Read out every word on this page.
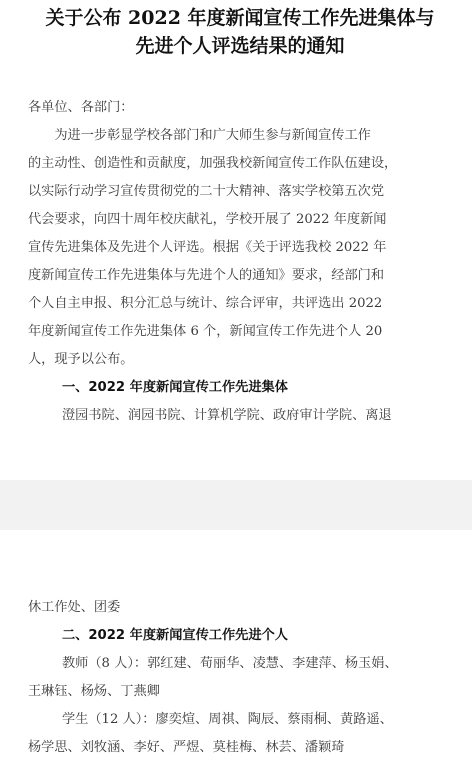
关于公布 2022 年度新闻宣传工作先进集体与
先进个人评选结果的通知
各单位、各部门：
　　为进一步彰显学校各部门和广大师生参与新闻宣传工作
的主动性、创造性和贡献度，加强我校新闻宣传工作队伍建设，
以实际行动学习宣传贯彻党的二十大精神、落实学校第五次党
代会要求，向四十周年校庆献礼，学校开展了 2022 年度新闻
宣传先进集体及先进个人评选。根据《关于评选我校 2022 年
度新闻宣传工作先进集体与先进个人的通知》要求，经部门和
个人自主申报、积分汇总与统计、综合评审，共评选出 2022
年度新闻宣传工作先进集体 6 个，新闻宣传工作先进个人 20
人，现予以公布。
一、2022 年度新闻宣传工作先进集体
澄园书院、润园书院、计算机学院、政府审计学院、离退
休工作处、团委
二、2022 年度新闻宣传工作先进个人
教师（8 人）：郭红建、荀丽华、凌慧、李建萍、杨玉娟、
王琳钰、杨炀、丁燕卿
学生（12 人）：廖奕煊、周祺、陶辰、蔡雨桐、黄路遥、
杨学思、刘牧涵、李好、严煜、莫桂梅、林芸、潘颖琦
